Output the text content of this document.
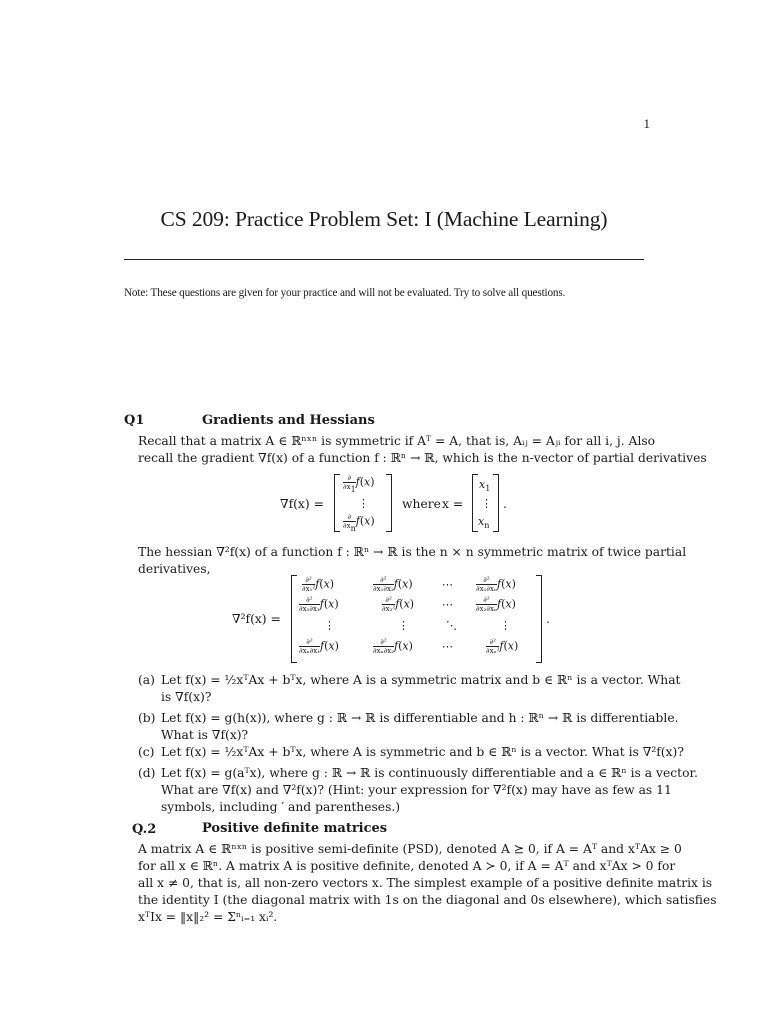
1
CS 209: Practice Problem Set: I (Machine Learning)
Note: These questions are given for your practice and will not be evaluated. Try to solve all questions.
Q1	Gradients and Hessians
Recall that a matrix A ∈ ℝⁿˣⁿ is symmetric if Aᵀ = A, that is, Aᵢⱼ = Aⱼᵢ for all i, j. Also
recall the gradient ∇f(x) of a function f : ℝⁿ → ℝ, which is the n-vector of partial derivatives
∇f(x) =
$\frac{\partial}{\partial x_1} f(x)$
⋮
$\frac{\partial}{\partial x_n} f(x)$
where x =
$x_1$
⋮
$x_n$
.
The hessian ∇²f(x) of a function f : ℝⁿ → ℝ is the n × n symmetric matrix of twice partial
derivatives,
∇²f(x) =
$\frac{\text{∂²}}{\text{∂x₁²}} f(x)$	$\frac{\text{∂²}}{\text{∂x₁∂x₂}} f(x)$	⋯	$\frac{\text{∂²}}{\text{∂x₁∂xₙ}} f(x)$
$\frac{\text{∂²}}{\text{∂x₂∂x₁}} f(x)$	$\frac{\text{∂²}}{\text{∂x₂²}} f(x)$	⋯	$\frac{\text{∂²}}{\text{∂x₂∂xₙ}} f(x)$
⋮	⋮	⋱	⋮
$\frac{\text{∂²}}{\text{∂xₙ∂x₁}} f(x)$	$\frac{\text{∂²}}{\text{∂xₙ∂x₂}} f(x)$	⋯	$\frac{\text{∂²}}{\text{∂xₙ²}} f(x)$
.
(a) Let f(x) = ½xᵀAx + bᵀx, where A is a symmetric matrix and b ∈ ℝⁿ is a vector. What
is ∇f(x)?
(b) Let f(x) = g(h(x)), where g : ℝ → ℝ is differentiable and h : ℝⁿ → ℝ is differentiable.
What is ∇f(x)?
(c) Let f(x) = ½xᵀAx + bᵀx, where A is symmetric and b ∈ ℝⁿ is a vector. What is ∇²f(x)?
(d) Let f(x) = g(aᵀx), where g : ℝ → ℝ is continuously differentiable and a ∈ ℝⁿ is a vector.
What are ∇f(x) and ∇²f(x)? (Hint: your expression for ∇²f(x) may have as few as 11
symbols, including ′ and parentheses.)
Q.2	Positive definite matrices
A matrix A ∈ ℝⁿˣⁿ is positive semi-definite (PSD), denoted A ⪰ 0, if A = Aᵀ and xᵀAx ≥ 0
for all x ∈ ℝⁿ. A matrix A is positive definite, denoted A ≻ 0, if A = Aᵀ and xᵀAx > 0 for
all x ≠ 0, that is, all non-zero vectors x. The simplest example of a positive definite matrix is
the identity I (the diagonal matrix with 1s on the diagonal and 0s elsewhere), which satisfies
xᵀIx = ‖x‖₂² = Σⁿᵢ₌₁ xᵢ².
